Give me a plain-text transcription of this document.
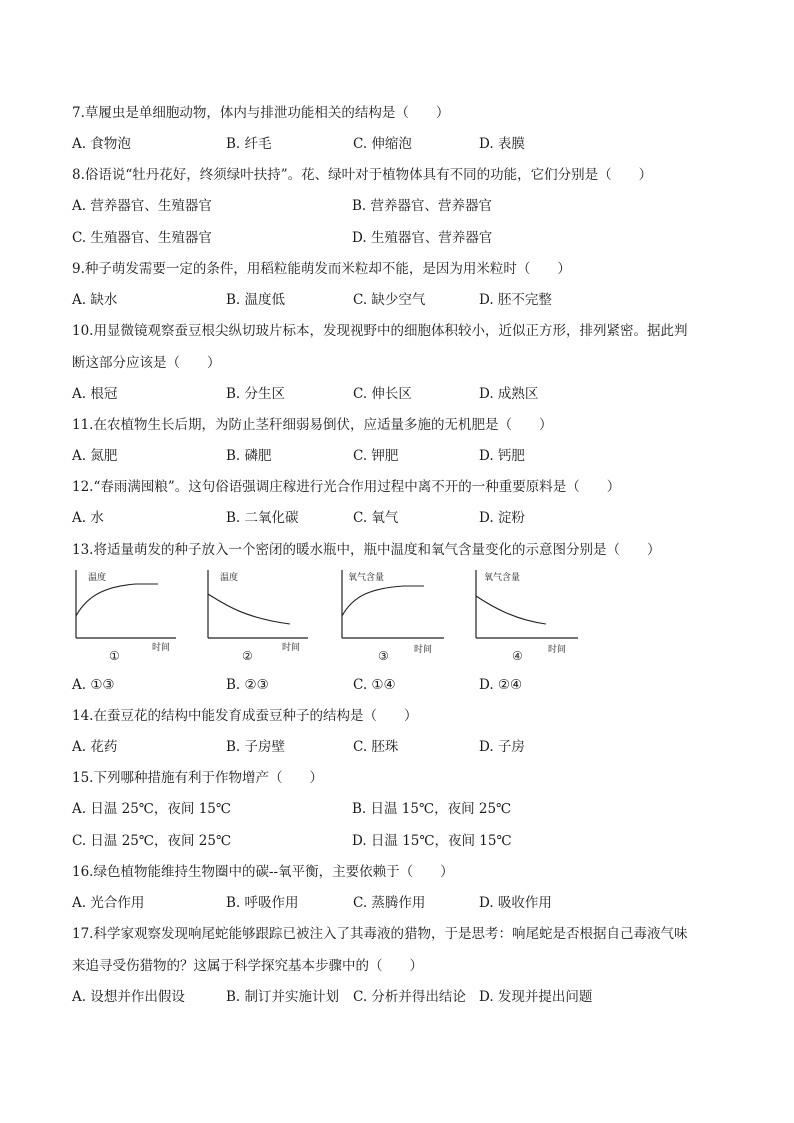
7.草履虫是单细胞动物，体内与排泄功能相关的结构是（　　）
A. 食物泡	B. 纤毛	C. 伸缩泡	D. 表膜
8.俗语说“牡丹花好，终须绿叶扶持”。花、绿叶对于植物体具有不同的功能，它们分别是（　　）
A. 营养器官、生殖器官	B. 营养器官、营养器官
C. 生殖器官、生殖器官	D. 生殖器官、营养器官
9.种子萌发需要一定的条件，用稻粒能萌发而米粒却不能，是因为用米粒时（　　）
A. 缺水	B. 温度低	C. 缺少空气	D. 胚不完整
10.用显微镜观察蚕豆根尖纵切玻片标本，发现视野中的细胞体积较小，近似正方形，排列紧密。据此判
断这部分应该是（　　）
A. 根冠	B. 分生区	C. 伸长区	D. 成熟区
11.在农植物生长后期，为防止茎秆细弱易倒伏，应适量多施的无机肥是（　　）
A. 氮肥	B. 磷肥	C. 钾肥	D. 钙肥
12.“春雨满囤粮”。这句俗语强调庄稼进行光合作用过程中离不开的一种重要原料是（　　）
A. 水	B. 二氧化碳	C. 氧气	D. 淀粉
13.将适量萌发的种子放入一个密闭的暖水瓶中，瓶中温度和氧气含量变化的示意图分别是（　　）
温度
时间
①
温度
时间
②
氧气含量
时间
③
氧气含量
时间
④
A. ①③	B. ②③	C. ①④	D. ②④
14.在蚕豆花的结构中能发育成蚕豆种子的结构是（　　）
A. 花药	B. 子房壁	C. 胚珠	D. 子房
15.下列哪种措施有利于作物增产（　　）
A. 日温 25℃，夜间 15℃	B. 日温 15℃，夜间 25℃
C. 日温 25℃，夜间 25℃	D. 日温 15℃，夜间 15℃
16.绿色植物能维持生物圈中的碳--氧平衡，主要依赖于（　　）
A. 光合作用	B. 呼吸作用	C. 蒸腾作用	D. 吸收作用
17.科学家观察发现响尾蛇能够跟踪已被注入了其毒液的猎物，于是思考：响尾蛇是否根据自己毒液气味
来追寻受伤猎物的？这属于科学探究基本步骤中的（　　）
A. 设想并作出假设	B. 制订并实施计划 C. 分析并得出结论 D. 发现并提出问题
